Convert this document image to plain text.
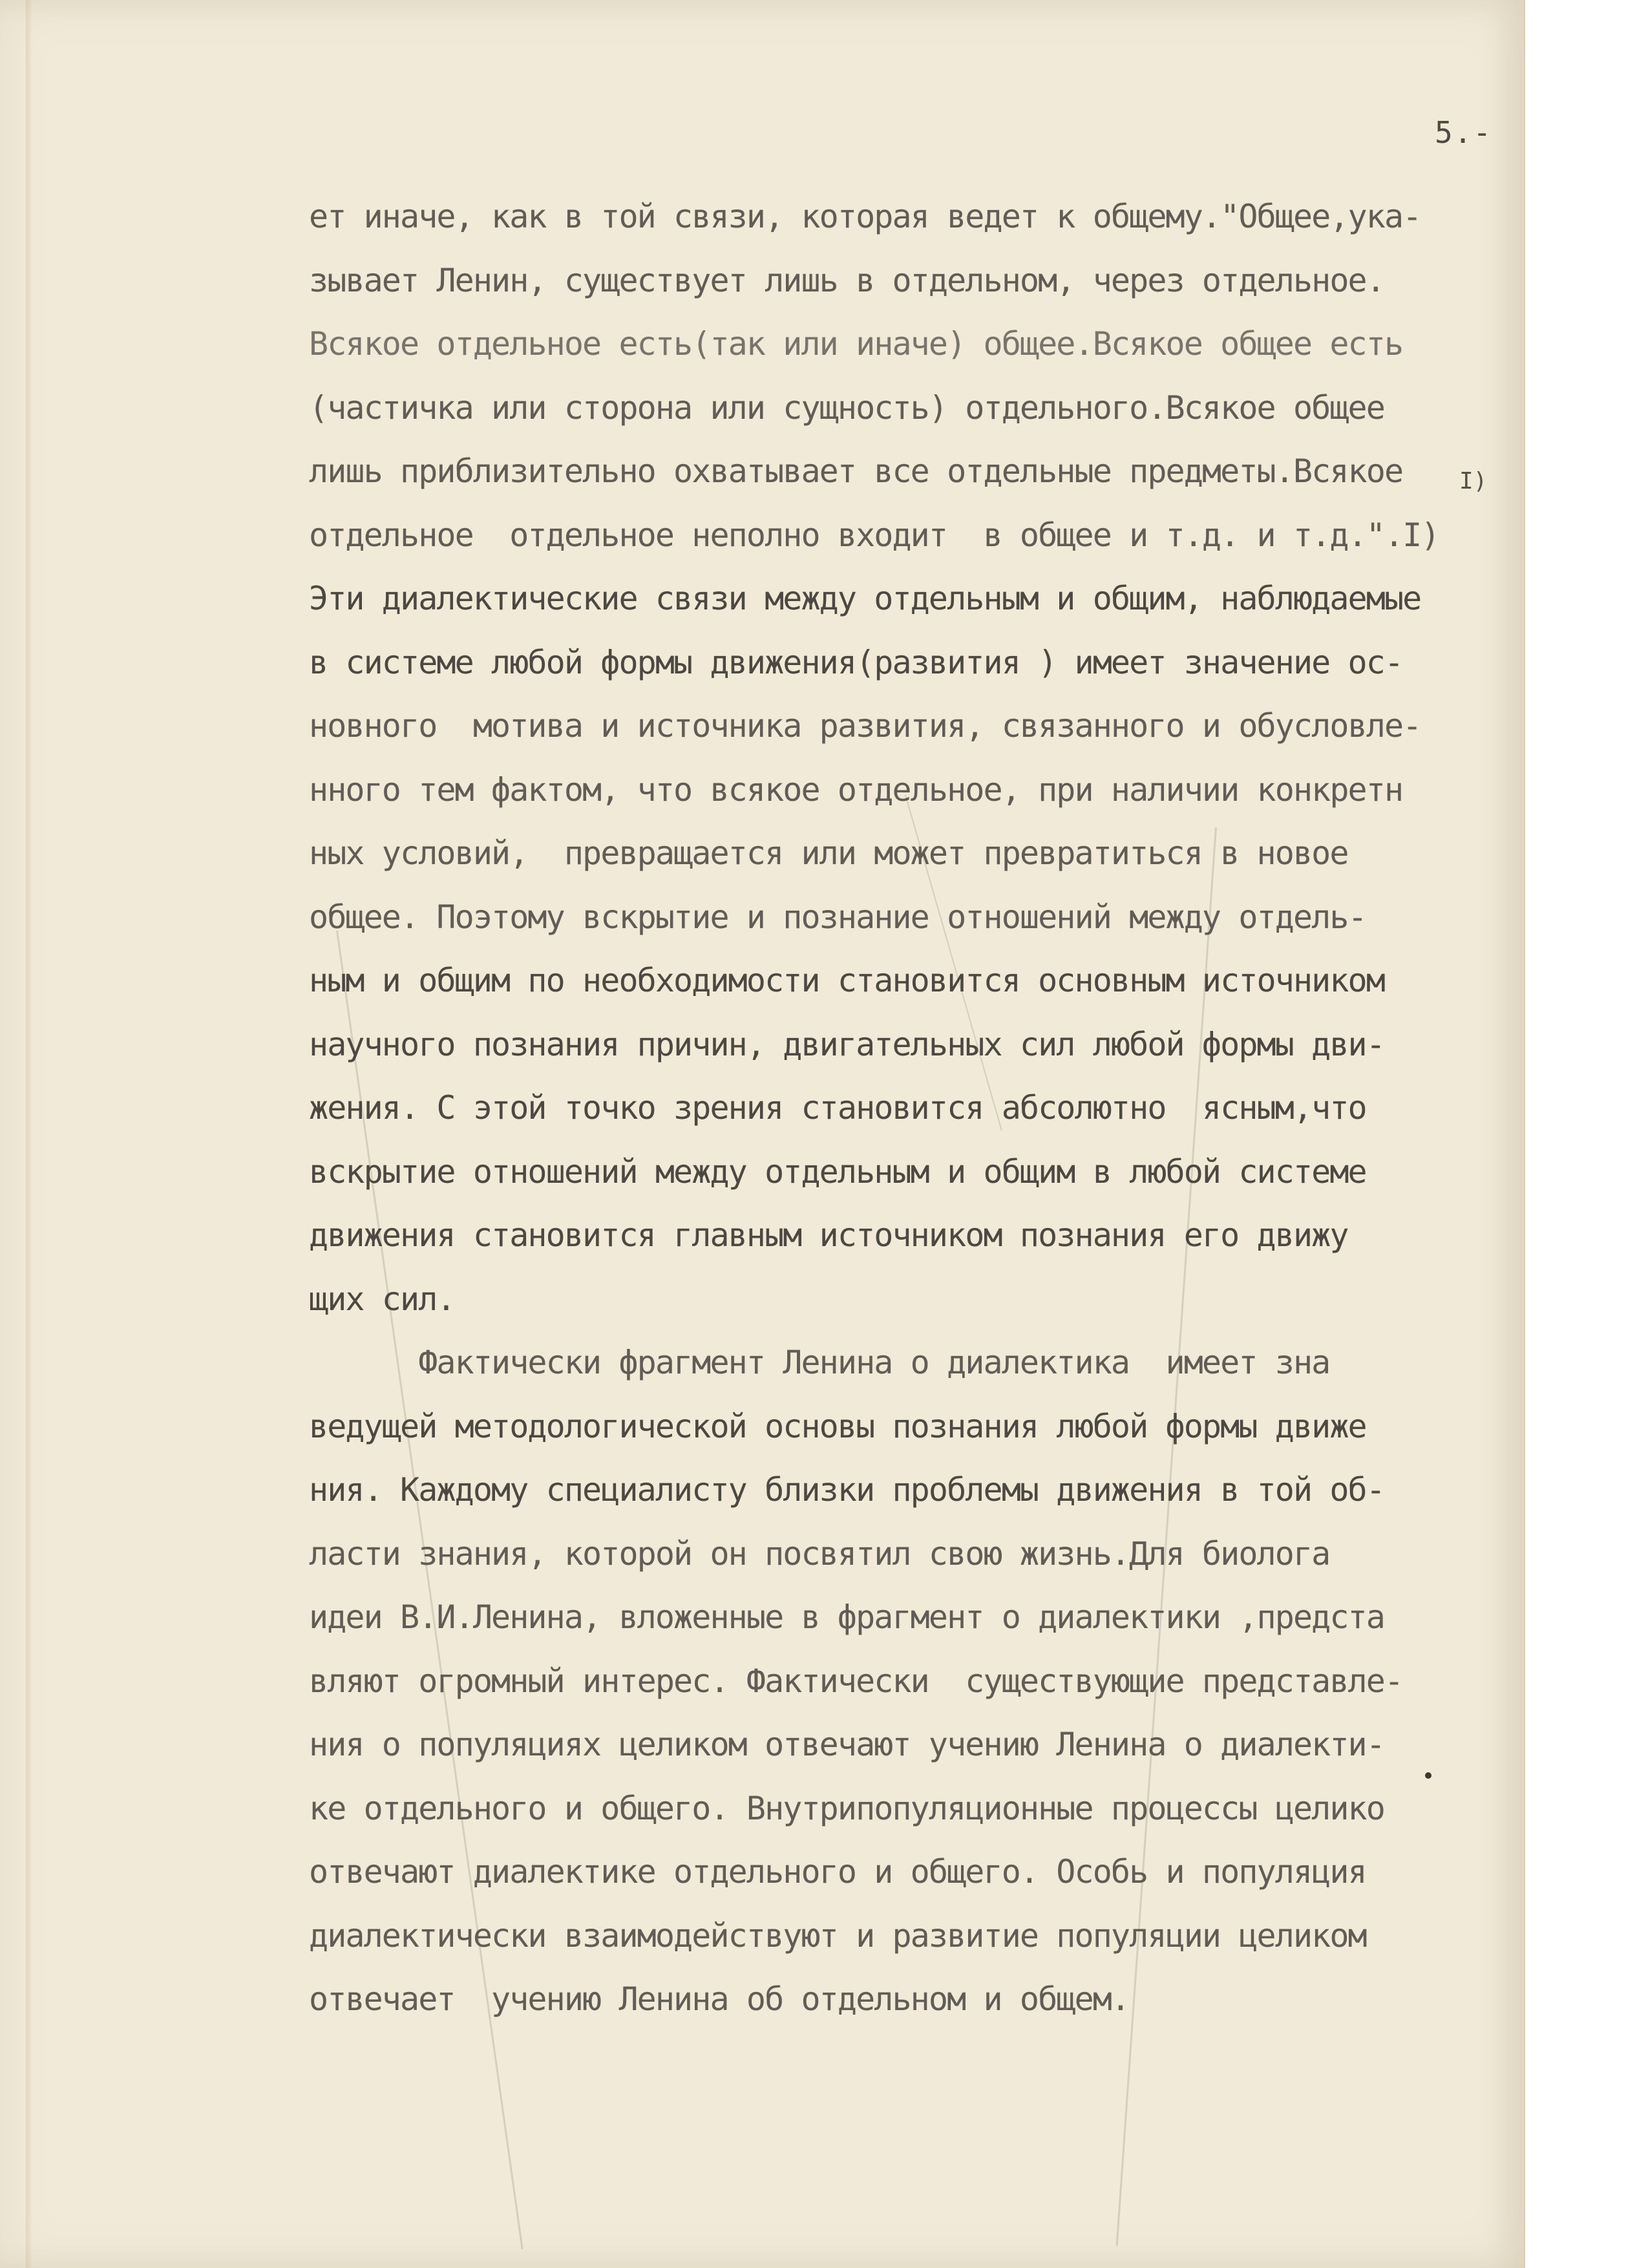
5.-
ет иначе, как в той связи, которая ведет к общему."Общее,ука-
зывает Ленин, существует лишь в отдельном, через отдельное.
Всякое отдельное есть(так или иначе) общее.Всякое общее есть
(частичка или сторона или сущность) отдельного.Всякое общее
лишь приблизительно охватывает все отдельные предметы.Всякое
отдельное  отдельное неполно входит  в общее и т.д. и т.д.".I)
Эти диалектические связи между отдельным и общим, наблюдаемые
в системе любой формы движения(развития ) имеет значение ос-
новного  мотива и источника развития, связанного и обусловле-
нного тем фактом, что всякое отдельное, при наличии конкретн
ных условий,  превращается или может превратиться в новое
общее. Поэтому вскрытие и познание отношений между отдель-
ным и общим по необходимости становится основным источником
научного познания причин, двигательных сил любой формы дви-
жения. С этой точко зрения становится абсолютно  ясным,что
вскрытие отношений между отдельным и общим в любой системе
движения становится главным источником познания его движу
щих сил.
Фактически фрагмент Ленина о диалектика  имеет зна
ведущей методологической основы познания любой формы движе
ния. Каждому специалисту близки проблемы движения в той об-
ласти знания, которой он посвятил свою жизнь.Для биолога
идеи В.И.Ленина, вложенные в фрагмент о диалектики ,предста
вляют огромный интерес. Фактически  существующие представле-
ния о популяциях целиком отвечают учению Ленина о диалекти-
ке отдельного и общего. Внутрипопуляционные процессы целико
отвечают диалектике отдельного и общего. Особь и популяция
диалектически взаимодействуют и развитие популяции целиком
отвечает  учению Ленина об отдельном и общем.
I)
